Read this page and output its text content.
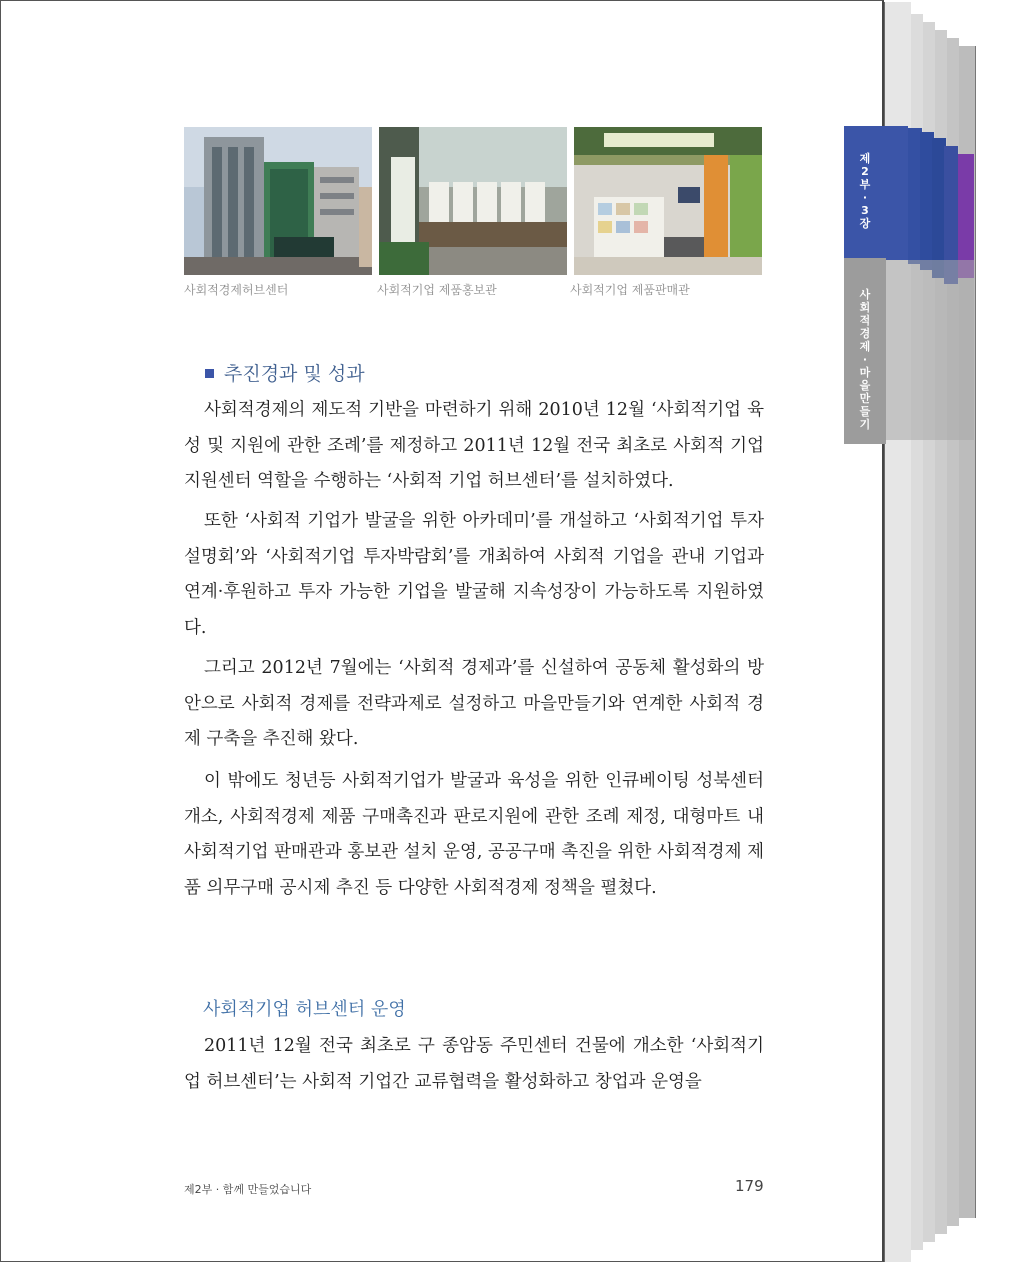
사회적경제허브센터	사회적기업 제품홍보관	사회적기업 제품판매관
추진경과 및 성과

사회적경제의 제도적 기반을 마련하기 위해 2010년 12월 ‘사회적기업 육성 및 지원에 관한 조례’를 제정하고 2011년 12월 전국 최초로 사회적 기업지원센터 역할을 수행하는 ‘사회적 기업 허브센터’를 설치하였다.

또한 ‘사회적 기업가 발굴을 위한 아카데미’를 개설하고 ‘사회적기업 투자설명회’와 ‘사회적기업 투자박람회’를 개최하여 사회적 기업을 관내 기업과 연계·후원하고 투자 가능한 기업을 발굴해 지속성장이 가능하도록 지원하였다.

그리고 2012년 7월에는 ‘사회적 경제과’를 신설하여 공동체 활성화의 방안으로 사회적 경제를 전략과제로 설정하고 마을만들기와 연계한 사회적 경제 구축을 추진해 왔다.

이 밖에도 청년등 사회적기업가 발굴과 육성을 위한 인큐베이팅 성북센터 개소, 사회적경제 제품 구매촉진과 판로지원에 관한 조례 제정, 대형마트 내 사회적기업 판매관과 홍보관 설치 운영, 공공구매 촉진을 위한 사회적경제 제품 의무구매 공시제 추진 등 다양한 사회적경제 정책을 펼쳤다.

사회적기업 허브센터 운영

2011년 12월 전국 최초로 구 종암동 주민센터 건물에 개소한 ‘사회적기업 허브센터’는 사회적 기업간 교류협력을 활성화하고 창업과 운영을

제2부 · 함께 만들었습니다	179
제
2
부
·
3
장
사
회
적
경
제
·
마
을
만
들
기
